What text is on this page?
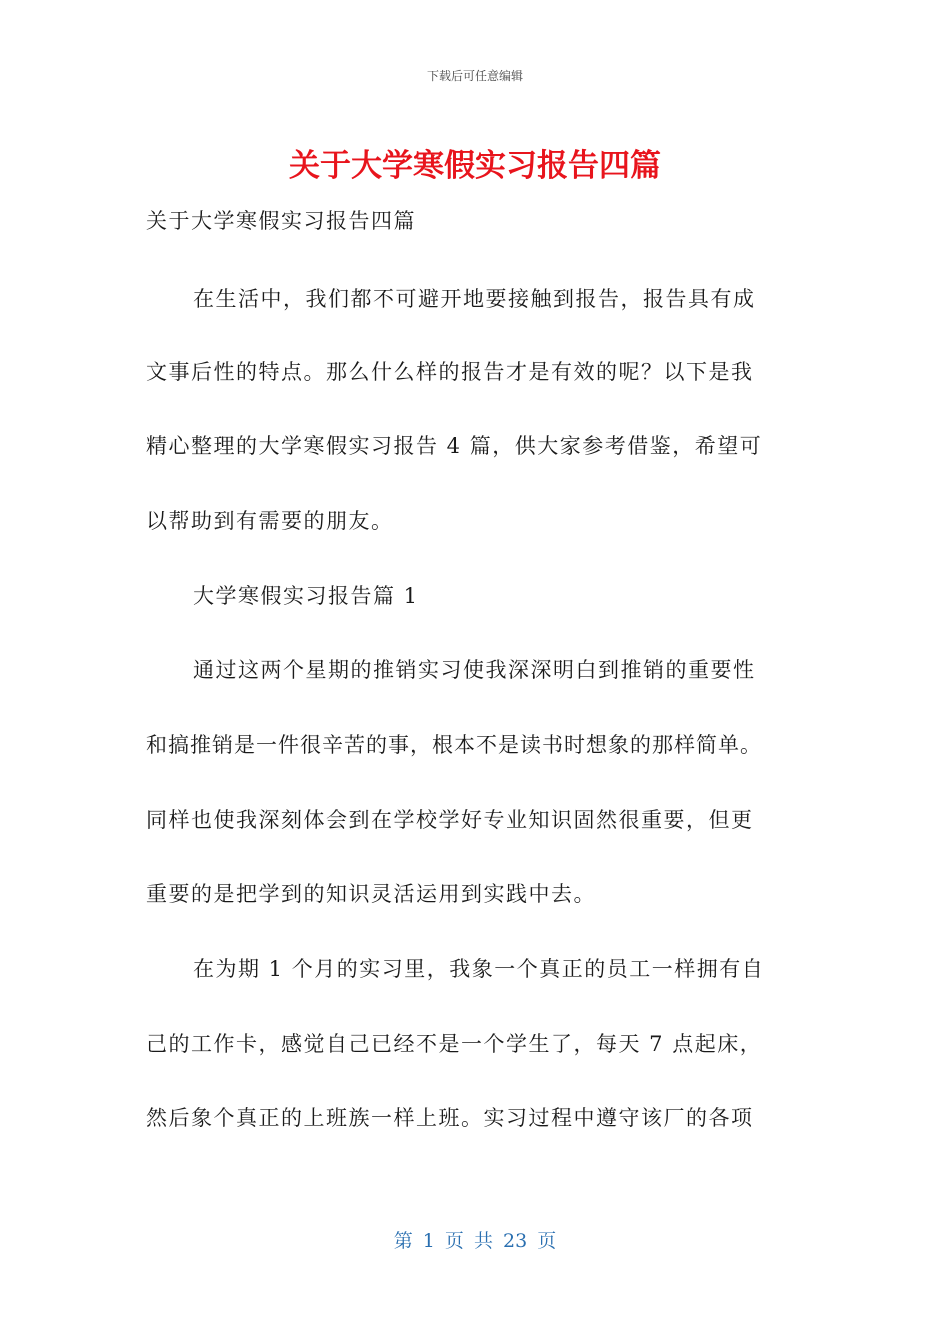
下载后可任意编辑
关于大学寒假实习报告四篇
关于大学寒假实习报告四篇
在生活中，我们都不可避开地要接触到报告，报告具有成
文事后性的特点。那么什么样的报告才是有效的呢？以下是我
精心整理的大学寒假实习报告 4 篇，供大家参考借鉴，希望可
以帮助到有需要的朋友。
大学寒假实习报告篇 1
通过这两个星期的推销实习使我深深明白到推销的重要性
和搞推销是一件很辛苦的事，根本不是读书时想象的那样简单。
同样也使我深刻体会到在学校学好专业知识固然很重要，但更
重要的是把学到的知识灵活运用到实践中去。
在为期 1 个月的实习里，我象一个真正的员工一样拥有自
己的工作卡，感觉自己已经不是一个学生了，每天 7 点起床，
然后象个真正的上班族一样上班。实习过程中遵守该厂的各项
第 1 页 共 23 页
